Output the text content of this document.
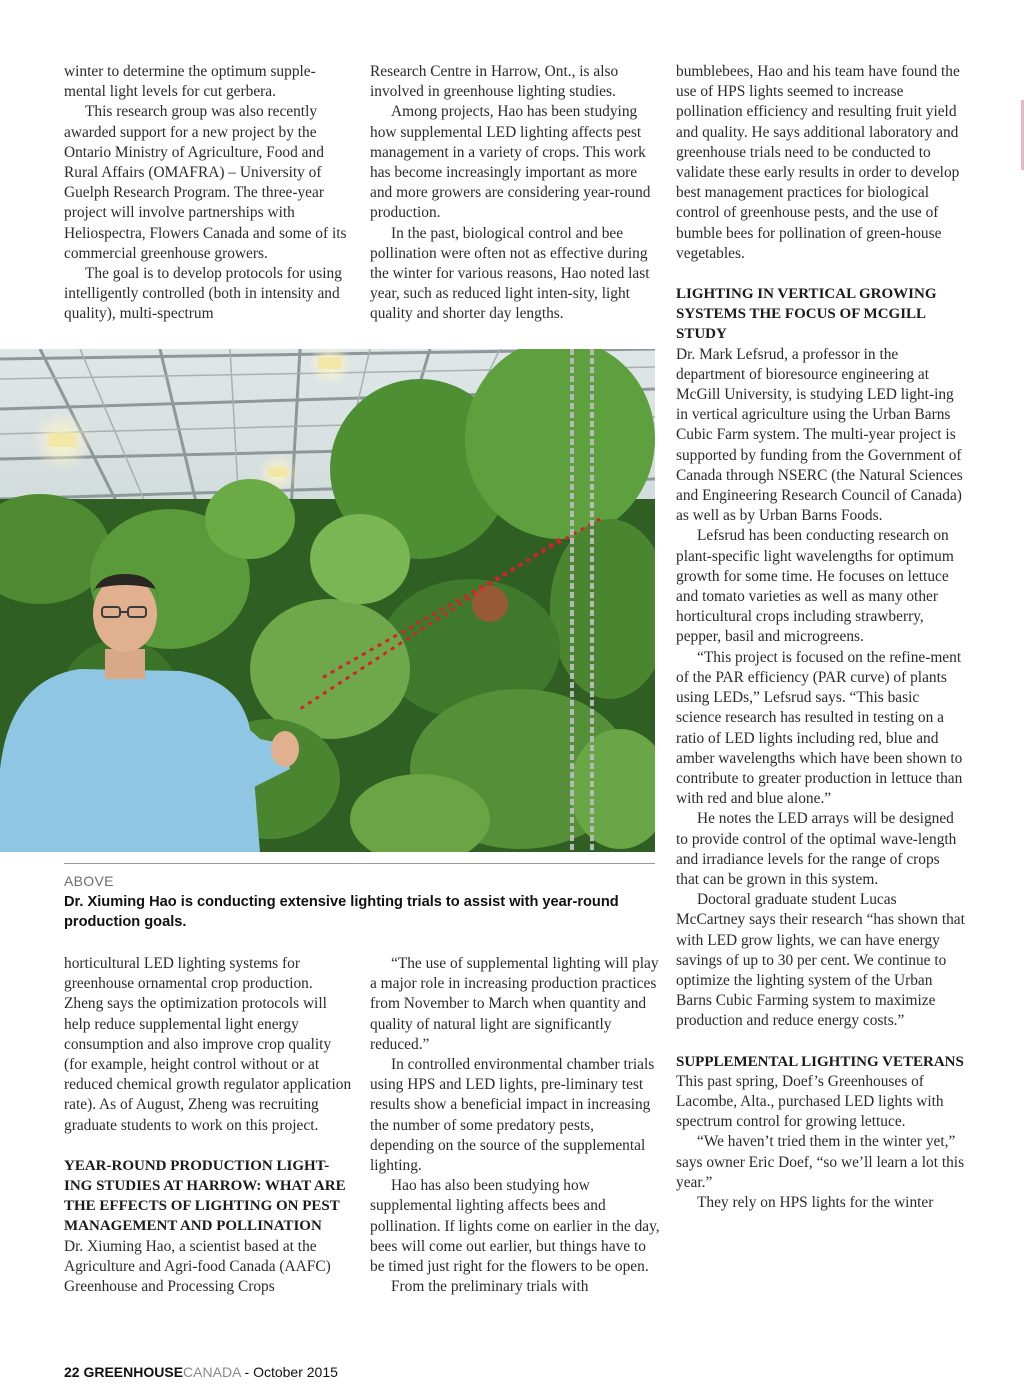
winter to determine the optimum supple-mental light levels for cut gerbera.

This research group was also recently awarded support for a new project by the Ontario Ministry of Agriculture, Food and Rural Affairs (OMAFRA) – University of Guelph Research Program. The three-year project will involve partnerships with Heliospectra, Flowers Canada and some of its commercial greenhouse growers.

The goal is to develop protocols for using intelligently controlled (both in intensity and quality), multi-spectrum

Research Centre in Harrow, Ont., is also involved in greenhouse lighting studies.

Among projects, Hao has been studying how supplemental LED lighting affects pest management in a variety of crops. This work has become increasingly important as more and more growers are considering year-round production.

In the past, biological control and bee pollination were often not as effective during the winter for various reasons, Hao noted last year, such as reduced light inten-sity, light quality and shorter day lengths.

bumblebees, Hao and his team have found the use of HPS lights seemed to increase pollination efficiency and resulting fruit yield and quality. He says additional laboratory and greenhouse trials need to be conducted to validate these early results in order to develop best management practices for biological control of greenhouse pests, and the use of bumble bees for pollination of green-house vegetables.

LIGHTING IN VERTICAL GROWING SYSTEMS THE FOCUS OF MCGILL STUDY

Dr. Mark Lefsrud, a professor in the department of bioresource engineering at McGill University, is studying LED light-ing in vertical agriculture using the Urban Barns Cubic Farm system. The multi-year project is supported by funding from the Government of Canada through NSERC (the Natural Sciences and Engineering Research Council of Canada) as well as by Urban Barns Foods.

Lefsrud has been conducting research on plant-specific light wavelengths for optimum growth for some time. He focuses on lettuce and tomato varieties as well as many other horticultural crops including strawberry, pepper, basil and microgreens.

“This project is focused on the refine-ment of the PAR efficiency (PAR curve) of plants using LEDs,” Lefsrud says. “This basic science research has resulted in testing on a ratio of LED lights including red, blue and amber wavelengths which have been shown to contribute to greater production in lettuce than with red and blue alone.”

He notes the LED arrays will be designed to provide control of the optimal wave-length and irradiance levels for the range of crops that can be grown in this system.

Doctoral graduate student Lucas McCartney says their research “has shown that with LED grow lights, we can have energy savings of up to 30 per cent. We continue to optimize the lighting system of the Urban Barns Cubic Farming system to maximize production and reduce energy costs.”

SUPPLEMENTAL LIGHTING VETERANS

This past spring, Doef’s Greenhouses of Lacombe, Alta., purchased LED lights with spectrum control for growing lettuce.

“We haven’t tried them in the winter yet,” says owner Eric Doef, “so we’ll learn a lot this year.”

They rely on HPS lights for the winter

ABOVE
Dr. Xiuming Hao is conducting extensive lighting trials to assist with year-round production goals.

horticultural LED lighting systems for greenhouse ornamental crop production. Zheng says the optimization protocols will help reduce supplemental light energy consumption and also improve crop quality (for example, height control without or at reduced chemical growth regulator application rate). As of August, Zheng was recruiting graduate students to work on this project.

YEAR-ROUND PRODUCTION LIGHT-ING STUDIES AT HARROW: WHAT ARE THE EFFECTS OF LIGHTING ON PEST MANAGEMENT AND POLLINATION

Dr. Xiuming Hao, a scientist based at the Agriculture and Agri-food Canada (AAFC) Greenhouse and Processing Crops

“The use of supplemental lighting will play a major role in increasing production practices from November to March when quantity and quality of natural light are significantly reduced.”

In controlled environmental chamber trials using HPS and LED lights, pre-liminary test results show a beneficial impact in increasing the number of some predatory pests, depending on the source of the supplemental lighting.

Hao has also been studying how supplemental lighting affects bees and pollination. If lights come on earlier in the day, bees will come out earlier, but things have to be timed just right for the flowers to be open.

From the preliminary trials with

22 GREENHOUSECANADA - October 2015
